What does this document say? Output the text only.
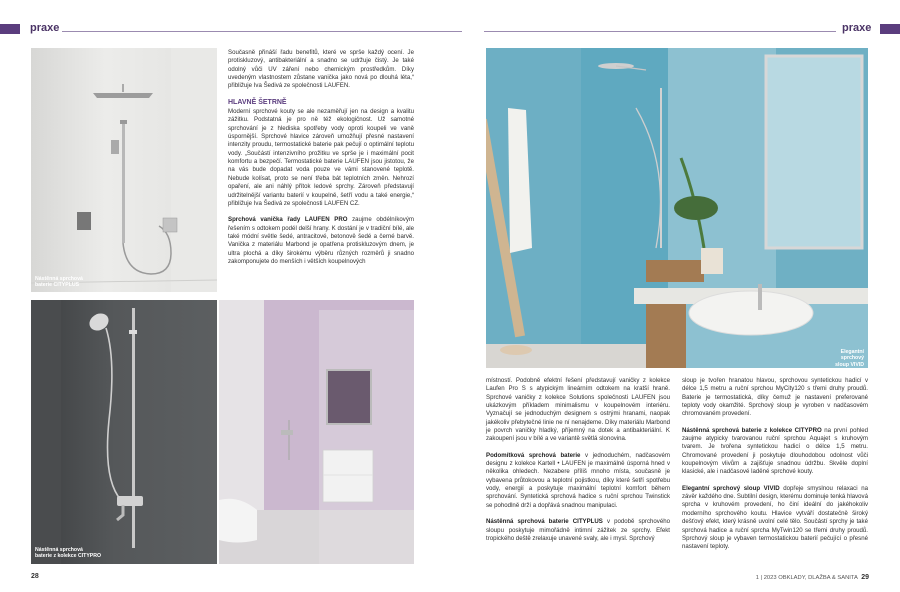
praxe	praxe
Nástěnná sprchová
baterie CITYPLUS
Nástěnná sprchová
baterie z kolekce CITYPRO
Elegantní sprchový
sloup VIVID

Současně přináší řadu benefitů, které ve sprše každý ocení. Je protiskluzový, antibakteriální a snadno se udržuje čistý. Je také odolný vůči UV záření nebo chemickým prostředkům. Díky uvedeným vlastnostem zůstane vanička jako nová po dlouhá léta,“ přibližuje Iva Šedivá ze společnosti LAUFEN.

HLAVNĚ ŠETRNĚ

Moderní sprchové kouty se ale nezaměřují jen na design a kvalitu zážitku. Podstatná je pro ně též ekologičnost. Už samotné sprchování je z hlediska spotřeby vody oproti koupeli ve vaně úspornější. Sprchové hlavice zároveň umožňují přesné nastavení intenzity proudu, termostatické baterie pak pečují o optimální teplotu vody. „Součástí intenzivního prožitku ve sprše je i maximální pocit komfortu a bezpečí. Termostatické baterie LAUFEN jsou jistotou, že na vás bude dopadat voda pouze ve vámi stanovené teplotě. Nebude kolísat, proto se není třeba bát teplotních změn. Nehrozí opaření, ale ani náhlý přítok ledové sprchy. Zároveň představují udržitelnější variantu baterií v koupelně, šetří vodu a také energie,“ přibližuje Iva Šedivá ze společnosti LAUFEN CZ.

Sprchová vanička řady LAUFEN PRO zaujme obdélníkovým řešením s odtokem podél delší hrany. K dostání je v tradiční bílé, ale také módní světle šedé, antracitové, betonově šedé a černé barvě. Vanička z materiálu Marbond je opatřena protiskluzovým dnem, je ultra plochá a díky širokému výběru různých rozměrů ji snadno zakomponujete do menších i větších koupelnových

místností. Podobně efektní řešení představují vaničky z kolekce Laufen Pro S s atypickým lineárním odtokem na kratší hraně. Sprchové vaničky z kolekce Solutions společnosti LAUFEN jsou ukázkovým příkladem minimalismu v koupelnovém interiéru. Vyznačují se jednoduchým designem s ostrými hranami, naopak jakékoliv přebytečné linie ne ní nenajdeme. Díky materiálu Marbond je povrch vaničky hladký, příjemný na dotek a antibakteriální. K zakoupení jsou v bílé a ve variantě světlá slonovina.

Podomítková sprchová baterie v jednoduchém, nadčasovém designu z kolekce Kartell • LAUFEN je maximálně úsporná hned v několika ohledech. Nezabere příliš mnoho místa, současně je vybavena průtokovou a teplotní pojistkou, díky které šetří spotřebu vody, energií a poskytuje maximální teplotní komfort během sprchování. Syntetická sprchová hadice s ruční sprchou Twinstick se pohodlně drží a dopřává snadnou manipulaci.

Nástěnná sprchová baterie CITYPLUS v podobě sprchového sloupu poskytuje mimořádně intimní zážitek ze sprchy. Efekt tropického deště zrelaxuje unavené svaly, ale i mysl. Sprchový

sloup je tvořen hranatou hlavou, sprchovou syntetickou hadicí v délce 1,5 metru a ruční sprchou MyCity120 s třemi druhy proudů. Baterie je termostatická, díky čemuž je nastavení preferované teploty vody okamžité. Sprchový sloup je vyroben v nadčasovém chromovaném provedení.

Nástěnná sprchová baterie z kolekce CITYPRO na první pohled zaujme atypicky tvarovanou ruční sprchou Aquajet s kruhovým tvarem. Je tvořena syntetickou hadicí o délce 1,5 metru. Chromované provedení ji poskytuje dlouhodobou odolnost vůči koupelnovým vlivům a zajišťuje snadnou údržbu. Skvěle doplní klasické, ale i nadčasové laděné sprchové kouty.

Elegantní sprchový sloup VIVID dopřeje smyslnou relaxaci na závěr každého dne. Subtilní design, kterému dominuje tenká hlavová sprcha v kruhovém provedení, ho činí ideální do jakéhokoliv moderního sprchového koutu. Hlavice vytváří dostatečně široký dešťový efekt, který krásně uvolní celé tělo. Součástí sprchy je také sprchová hadice a ruční sprcha MyTwin120 se třemi druhy proudů. Sprchový sloup je vybaven termostatickou baterií pečující o přesné nastavení teploty.

28	1 | 2023 OBKLADY, DLAŽBA & SANITA 29
